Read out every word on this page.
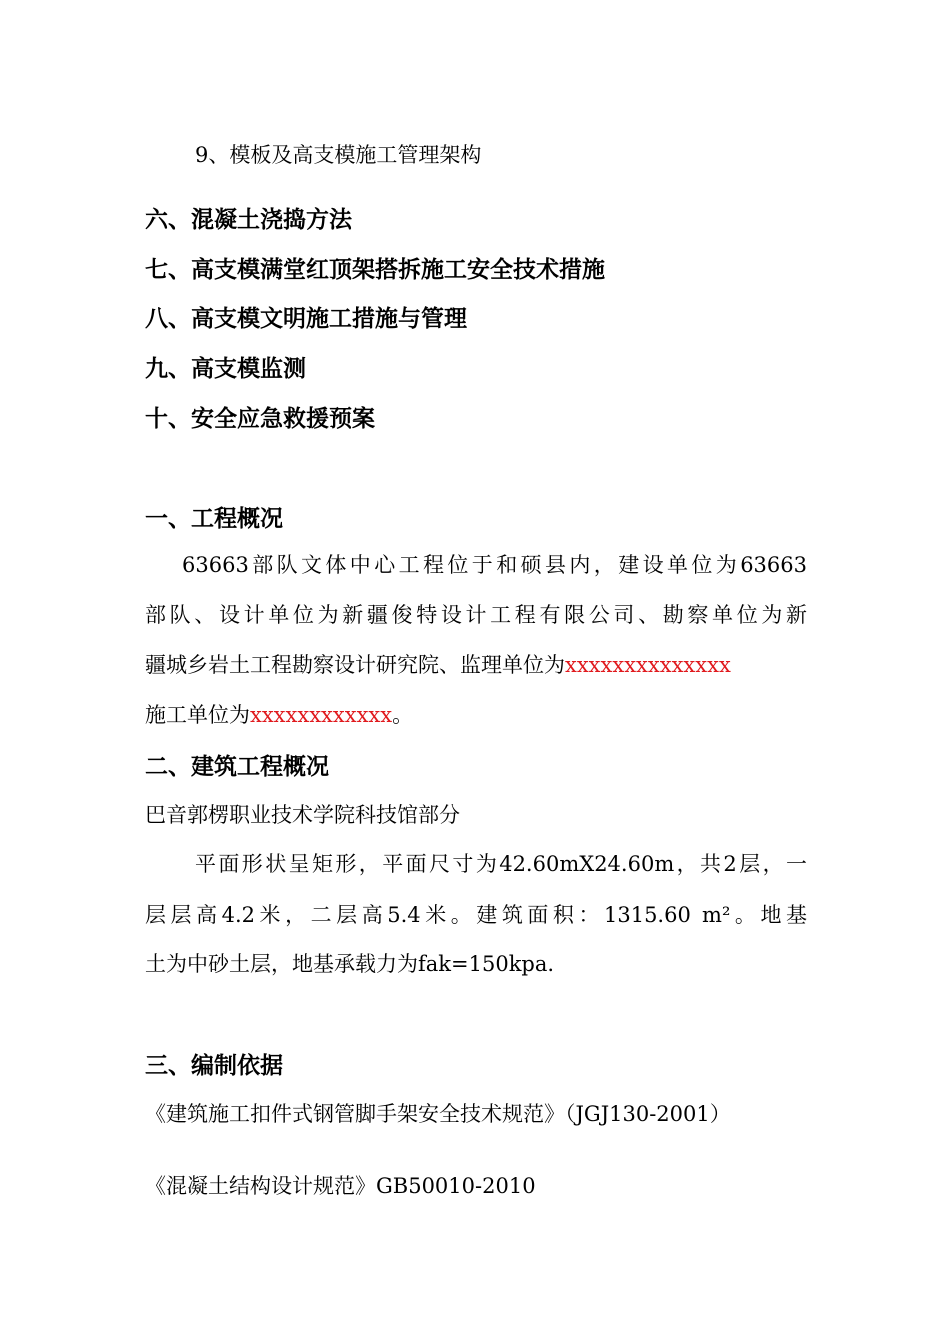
9、模板及高支模施工管理架构
六、混凝土浇捣方法
七、高支模满堂红顶架搭拆施工安全技术措施
八、高支模文明施工措施与管理
九、高支模监测
十、安全应急救援预案
一、工程概况
63663部队文体中心工程位于和硕县内，建设单位为63663
部队、设计单位为新疆俊特设计工程有限公司、勘察单位为新
疆城乡岩土工程勘察设计研究院、监理单位为xxxxxxxxxxxxxx
施工单位为xxxxxxxxxxxx。
二、建筑工程概况
巴音郭楞职业技术学院科技馆部分
平面形状呈矩形，平面尺寸为42.60mX24.60m，共2层，一
层层高4.2米，二层高5.4米。建筑面积：1315.60 m²。地基
土为中砂土层，地基承载力为fak=150kpa.
三、编制依据
《建筑施工扣件式钢管脚手架安全技术规范》（JGJ130-2001）
《混凝土结构设计规范》GB50010-2010
